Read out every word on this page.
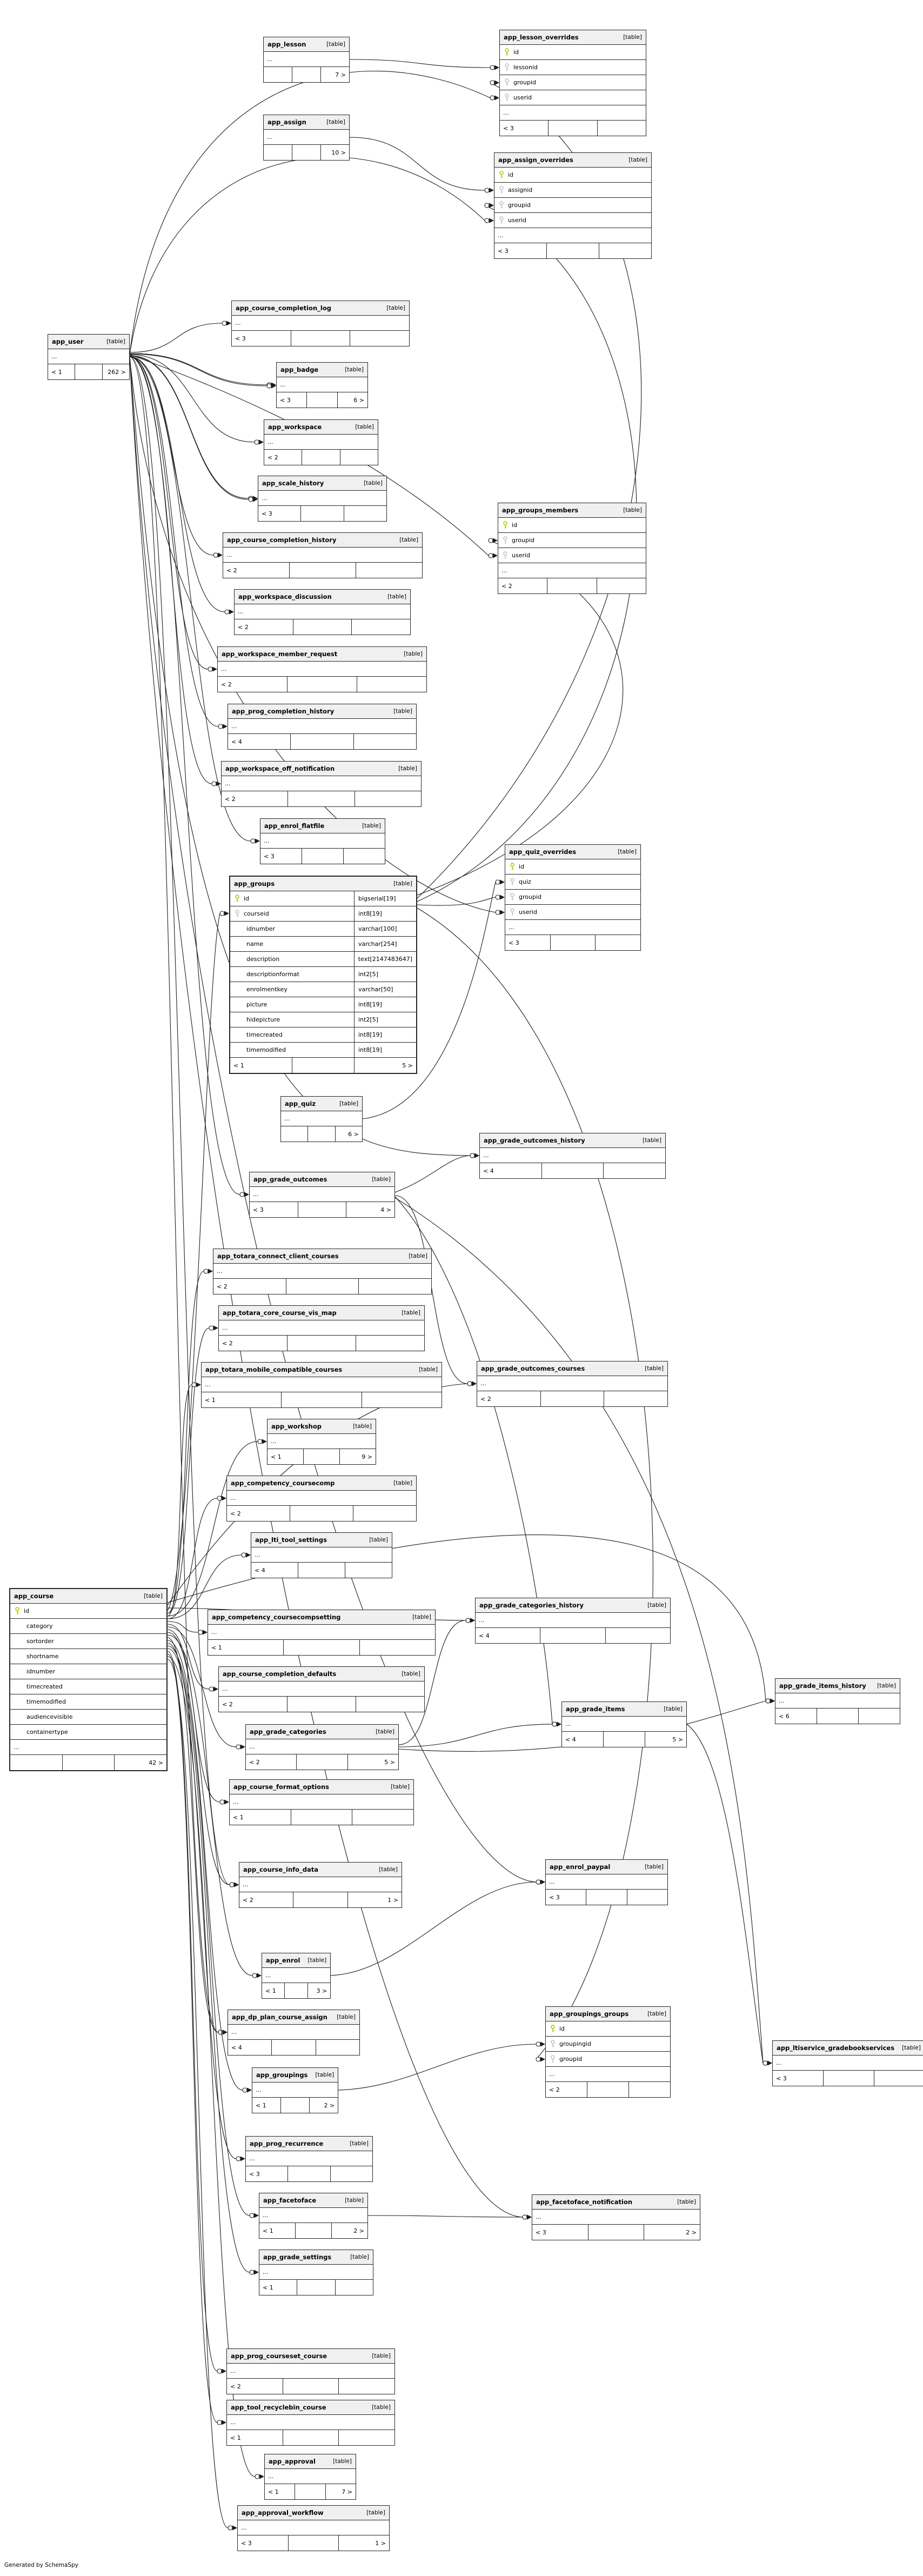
Generated by SchemaSpy
app_lesson	[table]
...
7 >
app_lesson_overrides	[table]
id
lessonid
groupid
userid
...
< 3
app_assign	[table]
...
10 >
app_assign_overrides	[table]
id
assignid
groupid
userid
...
< 3
app_user	[table]
...
< 1	262 >
app_course_completion_log	[table]
...
< 3
app_badge	[table]
...
< 3	6 >
app_workspace	[table]
...
< 2
app_scale_history	[table]
...
< 3
app_course_completion_history	[table]
...
< 2
app_workspace_discussion	[table]
...
< 2
app_workspace_member_request	[table]
...
< 2
app_prog_completion_history	[table]
...
< 4
app_workspace_off_notification	[table]
...
< 2
app_enrol_flatfile	[table]
...
< 3
app_groups	[table]
id	bigserial[19]
courseid	int8[19]
idnumber	varchar[100]
name	varchar[254]
description	text[2147483647]
descriptionformat	int2[5]
enrolmentkey	varchar[50]
picture	int8[19]
hidepicture	int2[5]
timecreated	int8[19]
timemodified	int8[19]
< 1	5 >
app_quiz	[table]
...
6 >
app_groups_members	[table]
id
groupid
userid
...
< 2
app_quiz_overrides	[table]
id
quiz
groupid
userid
...
< 3
app_grade_outcomes_history	[table]
...
< 4
app_grade_outcomes	[table]
...
< 3	4 >
app_totara_connect_client_courses	[table]
...
< 2
app_totara_core_course_vis_map	[table]
...
< 2
app_totara_mobile_compatible_courses	[table]
...
< 1
app_grade_outcomes_courses	[table]
...
< 2
app_workshop	[table]
...
< 1	9 >
app_competency_coursecomp	[table]
...
< 2
app_lti_tool_settings	[table]
...
< 4
app_course	[table]
id
category
sortorder
shortname
idnumber
timecreated
timemodified
audiencevisible
containertype
...
42 >
app_competency_coursecompsetting	[table]
...
< 1
app_course_completion_defaults	[table]
...
< 2
app_grade_categories	[table]
...
< 2	5 >
app_course_format_options	[table]
...
< 1
app_grade_categories_history	[table]
...
< 4
app_grade_items_history [table]
...
< 6
app_grade_items	[table]
...
< 4	5 >
app_course_info_data	[table]
...
< 2	1 >
app_enrol [table]
...
< 1	3 >
app_enrol_paypal	[table]
...
< 3
app_dp_plan_course_assign [table]
...
< 4
app_groupings [table]
...
< 1	2 >
app_groupings_groups	[table]
id
groupingid
groupid
...
< 2
app_prog_recurrence	[table]
...
< 3
app_facetoface	[table]
...
< 1	2 >
app_facetoface_notification	[table]
...
< 3	2 >
app_ltiservice_gradebookservices [table]
...
< 3
app_grade_settings	[table]
...
< 1
app_prog_courseset_course	[table]
...
< 2
app_tool_recyclebin_course	[table]
...
< 1
app_approval	[table]
...
< 1	7 >
app_approval_workflow	[table]
...
< 3	1 >
